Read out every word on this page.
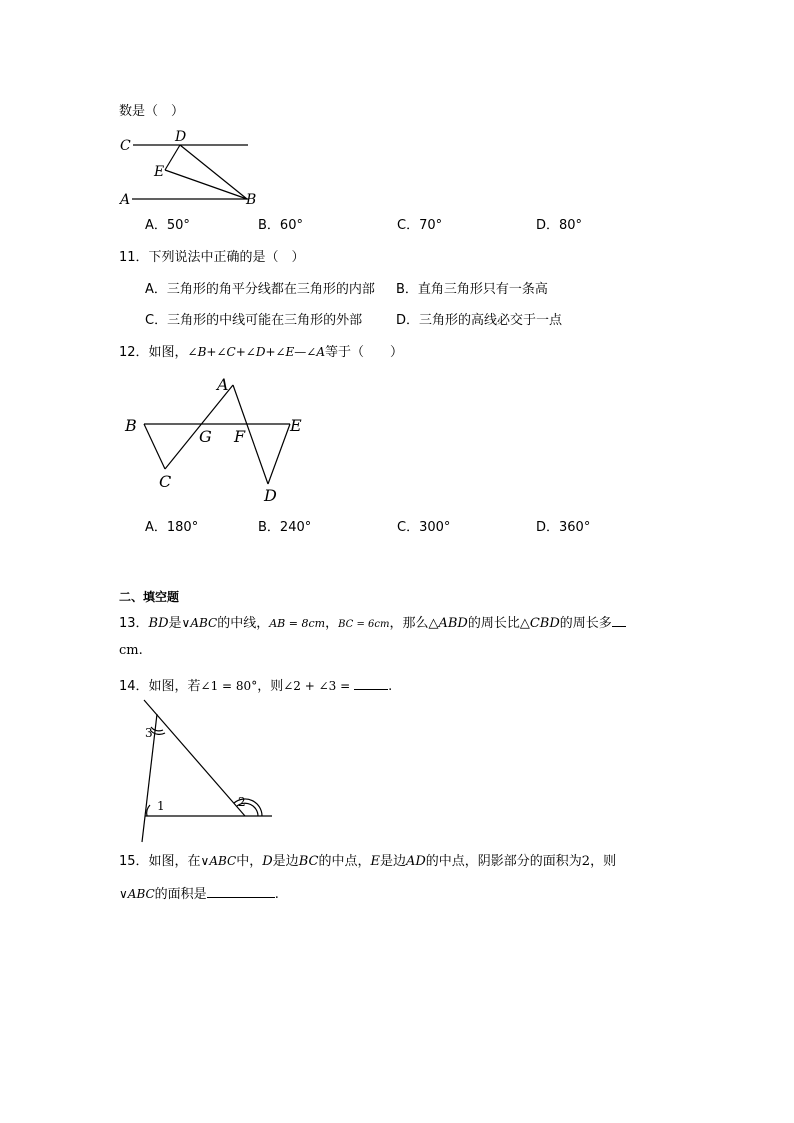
数是（　）
C
D
E
A	B
A．50°	B．60°	C．70°	D．80°
11．下列说法中正确的是（　）
A．三角形的角平分线都在三角形的内部 B．直角三角形只有一条高
C．三角形的中线可能在三角形的外部	D．三角形的高线必交于一点
12．如图，∠B+∠C+∠D+∠E—∠A等于（　　）
A
B
G F
E
C
D
A．180°	B．240°	C．300°	D．360°
二、填空题
13．BD是∨ABC的中线，AB = 8cm，BC = 6cm，那么△ABD的周长比△CBD的周长多
cm.
14．如图，若∠1 = 80°，则∠2 + ∠3 =	.
3
1	2
15．如图，在∨ABC中，D是边BC的中点，E是边AD的中点，阴影部分的面积为2，则
∨ABC的面积是	.
